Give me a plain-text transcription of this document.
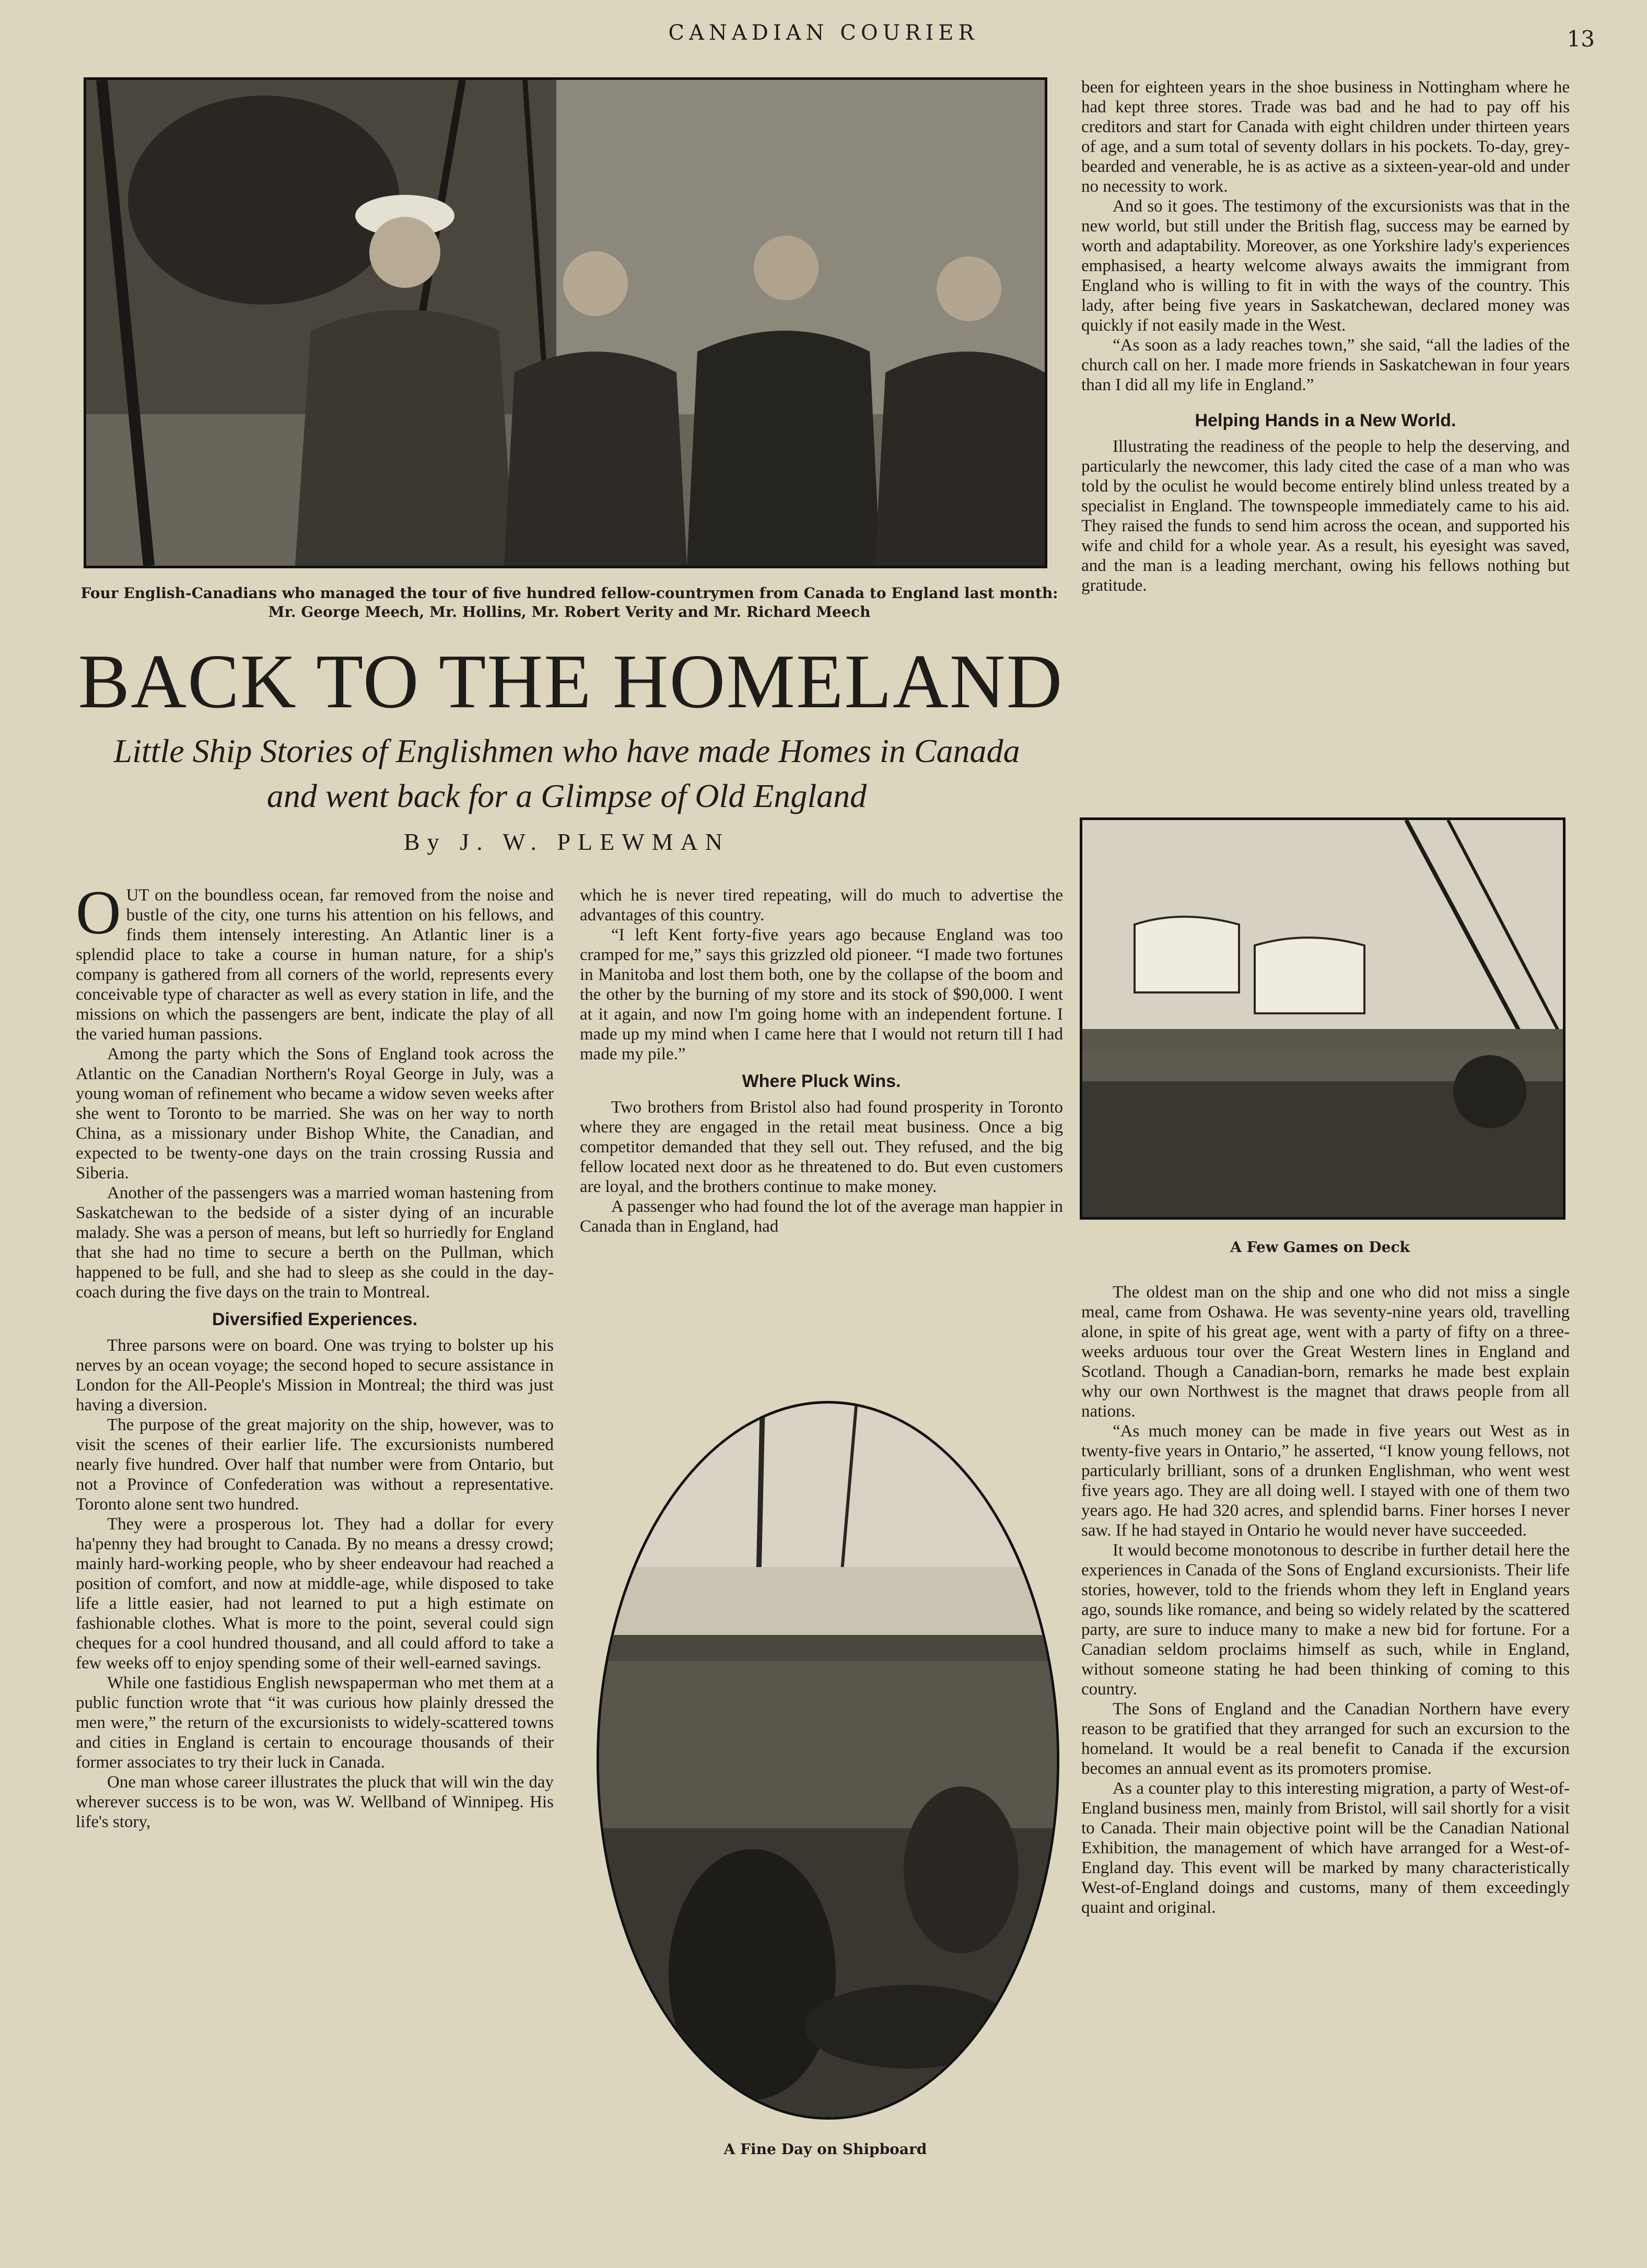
CANADIAN COURIER	13
Four English-Canadians who managed the tour of five hundred fellow-countrymen from Canada to England last month: Mr. George Meech, Mr. Hollins, Mr. Robert Verity and Mr. Richard Meech
BACK TO THE HOMELAND
Little Ship Stories of Englishmen who have made Homes in Canada
and went back for a Glimpse of Old England
By J. W. PLEWMAN

OUT on the boundless ocean, far removed from the noise and bustle of the city, one turns his attention on his fellows, and finds them intensely interesting. An Atlantic liner is a splendid place to take a course in human nature, for a ship's company is gathered from all corners of the world, represents every conceivable type of character as well as every station in life, and the missions on which the passengers are bent, indicate the play of all the varied human passions.

Among the party which the Sons of England took across the Atlantic on the Canadian Northern's Royal George in July, was a young woman of refinement who became a widow seven weeks after she went to Toronto to be married. She was on her way to north China, as a missionary under Bishop White, the Canadian, and expected to be twenty-one days on the train crossing Russia and Siberia.

Another of the passengers was a married woman hastening from Saskatchewan to the bedside of a sister dying of an incurable malady. She was a person of means, but left so hurriedly for England that she had no time to secure a berth on the Pullman, which happened to be full, and she had to sleep as she could in the day-coach during the five days on the train to Montreal.

Diversified Experiences.

Three parsons were on board. One was trying to bolster up his nerves by an ocean voyage; the second hoped to secure assistance in London for the All-People's Mission in Montreal; the third was just having a diversion.

The purpose of the great majority on the ship, however, was to visit the scenes of their earlier life. The excursionists numbered nearly five hundred. Over half that number were from Ontario, but not a Province of Confederation was without a representative. Toronto alone sent two hundred.

They were a prosperous lot. They had a dollar for every ha'penny they had brought to Canada. By no means a dressy crowd; mainly hard-working people, who by sheer endeavour had reached a position of comfort, and now at middle-age, while disposed to take life a little easier, had not learned to put a high estimate on fashionable clothes. What is more to the point, several could sign cheques for a cool hundred thousand, and all could afford to take a few weeks off to enjoy spending some of their well-earned savings.

While one fastidious English newspaperman who met them at a public function wrote that “it was curious how plainly dressed the men were,” the return of the excursionists to widely-scattered towns and cities in England is certain to encourage thousands of their former associates to try their luck in Canada.

One man whose career illustrates the pluck that will win the day wherever success is to be won, was W. Wellband of Winnipeg. His life's story,

which he is never tired repeating, will do much to advertise the advantages of this country.

“I left Kent forty-five years ago because England was too cramped for me,” says this grizzled old pioneer. “I made two fortunes in Manitoba and lost them both, one by the collapse of the boom and the other by the burning of my store and its stock of $90,000. I went at it again, and now I'm going home with an independent fortune. I made up my mind when I came here that I would not return till I had made my pile.”

Where Pluck Wins.

Two brothers from Bristol also had found prosperity in Toronto where they are engaged in the retail meat business. Once a big competitor demanded that they sell out. They refused, and the big fellow located next door as he threatened to do. But even customers are loyal, and the brothers continue to make money.

A passenger who had found the lot of the average man happier in Canada than in England, had

A Fine Day on Shipboard

been for eighteen years in the shoe business in Nottingham where he had kept three stores. Trade was bad and he had to pay off his creditors and start for Canada with eight children under thirteen years of age, and a sum total of seventy dollars in his pockets. To-day, grey-bearded and venerable, he is as active as a sixteen-year-old and under no necessity to work.

And so it goes. The testimony of the excursionists was that in the new world, but still under the British flag, success may be earned by worth and adaptability. Moreover, as one Yorkshire lady's experiences emphasised, a hearty welcome always awaits the immigrant from England who is willing to fit in with the ways of the country. This lady, after being five years in Saskatchewan, declared money was quickly if not easily made in the West.

“As soon as a lady reaches town,” she said, “all the ladies of the church call on her. I made more friends in Saskatchewan in four years than I did all my life in England.”

Helping Hands in a New World.

Illustrating the readiness of the people to help the deserving, and particularly the newcomer, this lady cited the case of a man who was told by the oculist he would become entirely blind unless treated by a specialist in England. The townspeople immediately came to his aid. They raised the funds to send him across the ocean, and supported his wife and child for a whole year. As a result, his eyesight was saved, and the man is a leading merchant, owing his fellows nothing but gratitude.

A Few Games on Deck

The oldest man on the ship and one who did not miss a single meal, came from Oshawa. He was seventy-nine years old, travelling alone, in spite of his great age, went with a party of fifty on a three-weeks arduous tour over the Great Western lines in England and Scotland. Though a Canadian-born, remarks he made best explain why our own Northwest is the magnet that draws people from all nations.

“As much money can be made in five years out West as in twenty-five years in Ontario,” he asserted, “I know young fellows, not particularly brilliant, sons of a drunken Englishman, who went west five years ago. They are all doing well. I stayed with one of them two years ago. He had 320 acres, and splendid barns. Finer horses I never saw. If he had stayed in Ontario he would never have succeeded.

It would become monotonous to describe in further detail here the experiences in Canada of the Sons of England excursionists. Their life stories, however, told to the friends whom they left in England years ago, sounds like romance, and being so widely related by the scattered party, are sure to induce many to make a new bid for fortune. For a Canadian seldom proclaims himself as such, while in England, without someone stating he had been thinking of coming to this country.

The Sons of England and the Canadian Northern have every reason to be gratified that they arranged for such an excursion to the homeland. It would be a real benefit to Canada if the excursion becomes an annual event as its promoters promise.

As a counter play to this interesting migration, a party of West-of-England business men, mainly from Bristol, will sail shortly for a visit to Canada. Their main objective point will be the Canadian National Exhibition, the management of which have arranged for a West-of-England day. This event will be marked by many characteristically West-of-England doings and customs, many of them exceedingly quaint and original.
